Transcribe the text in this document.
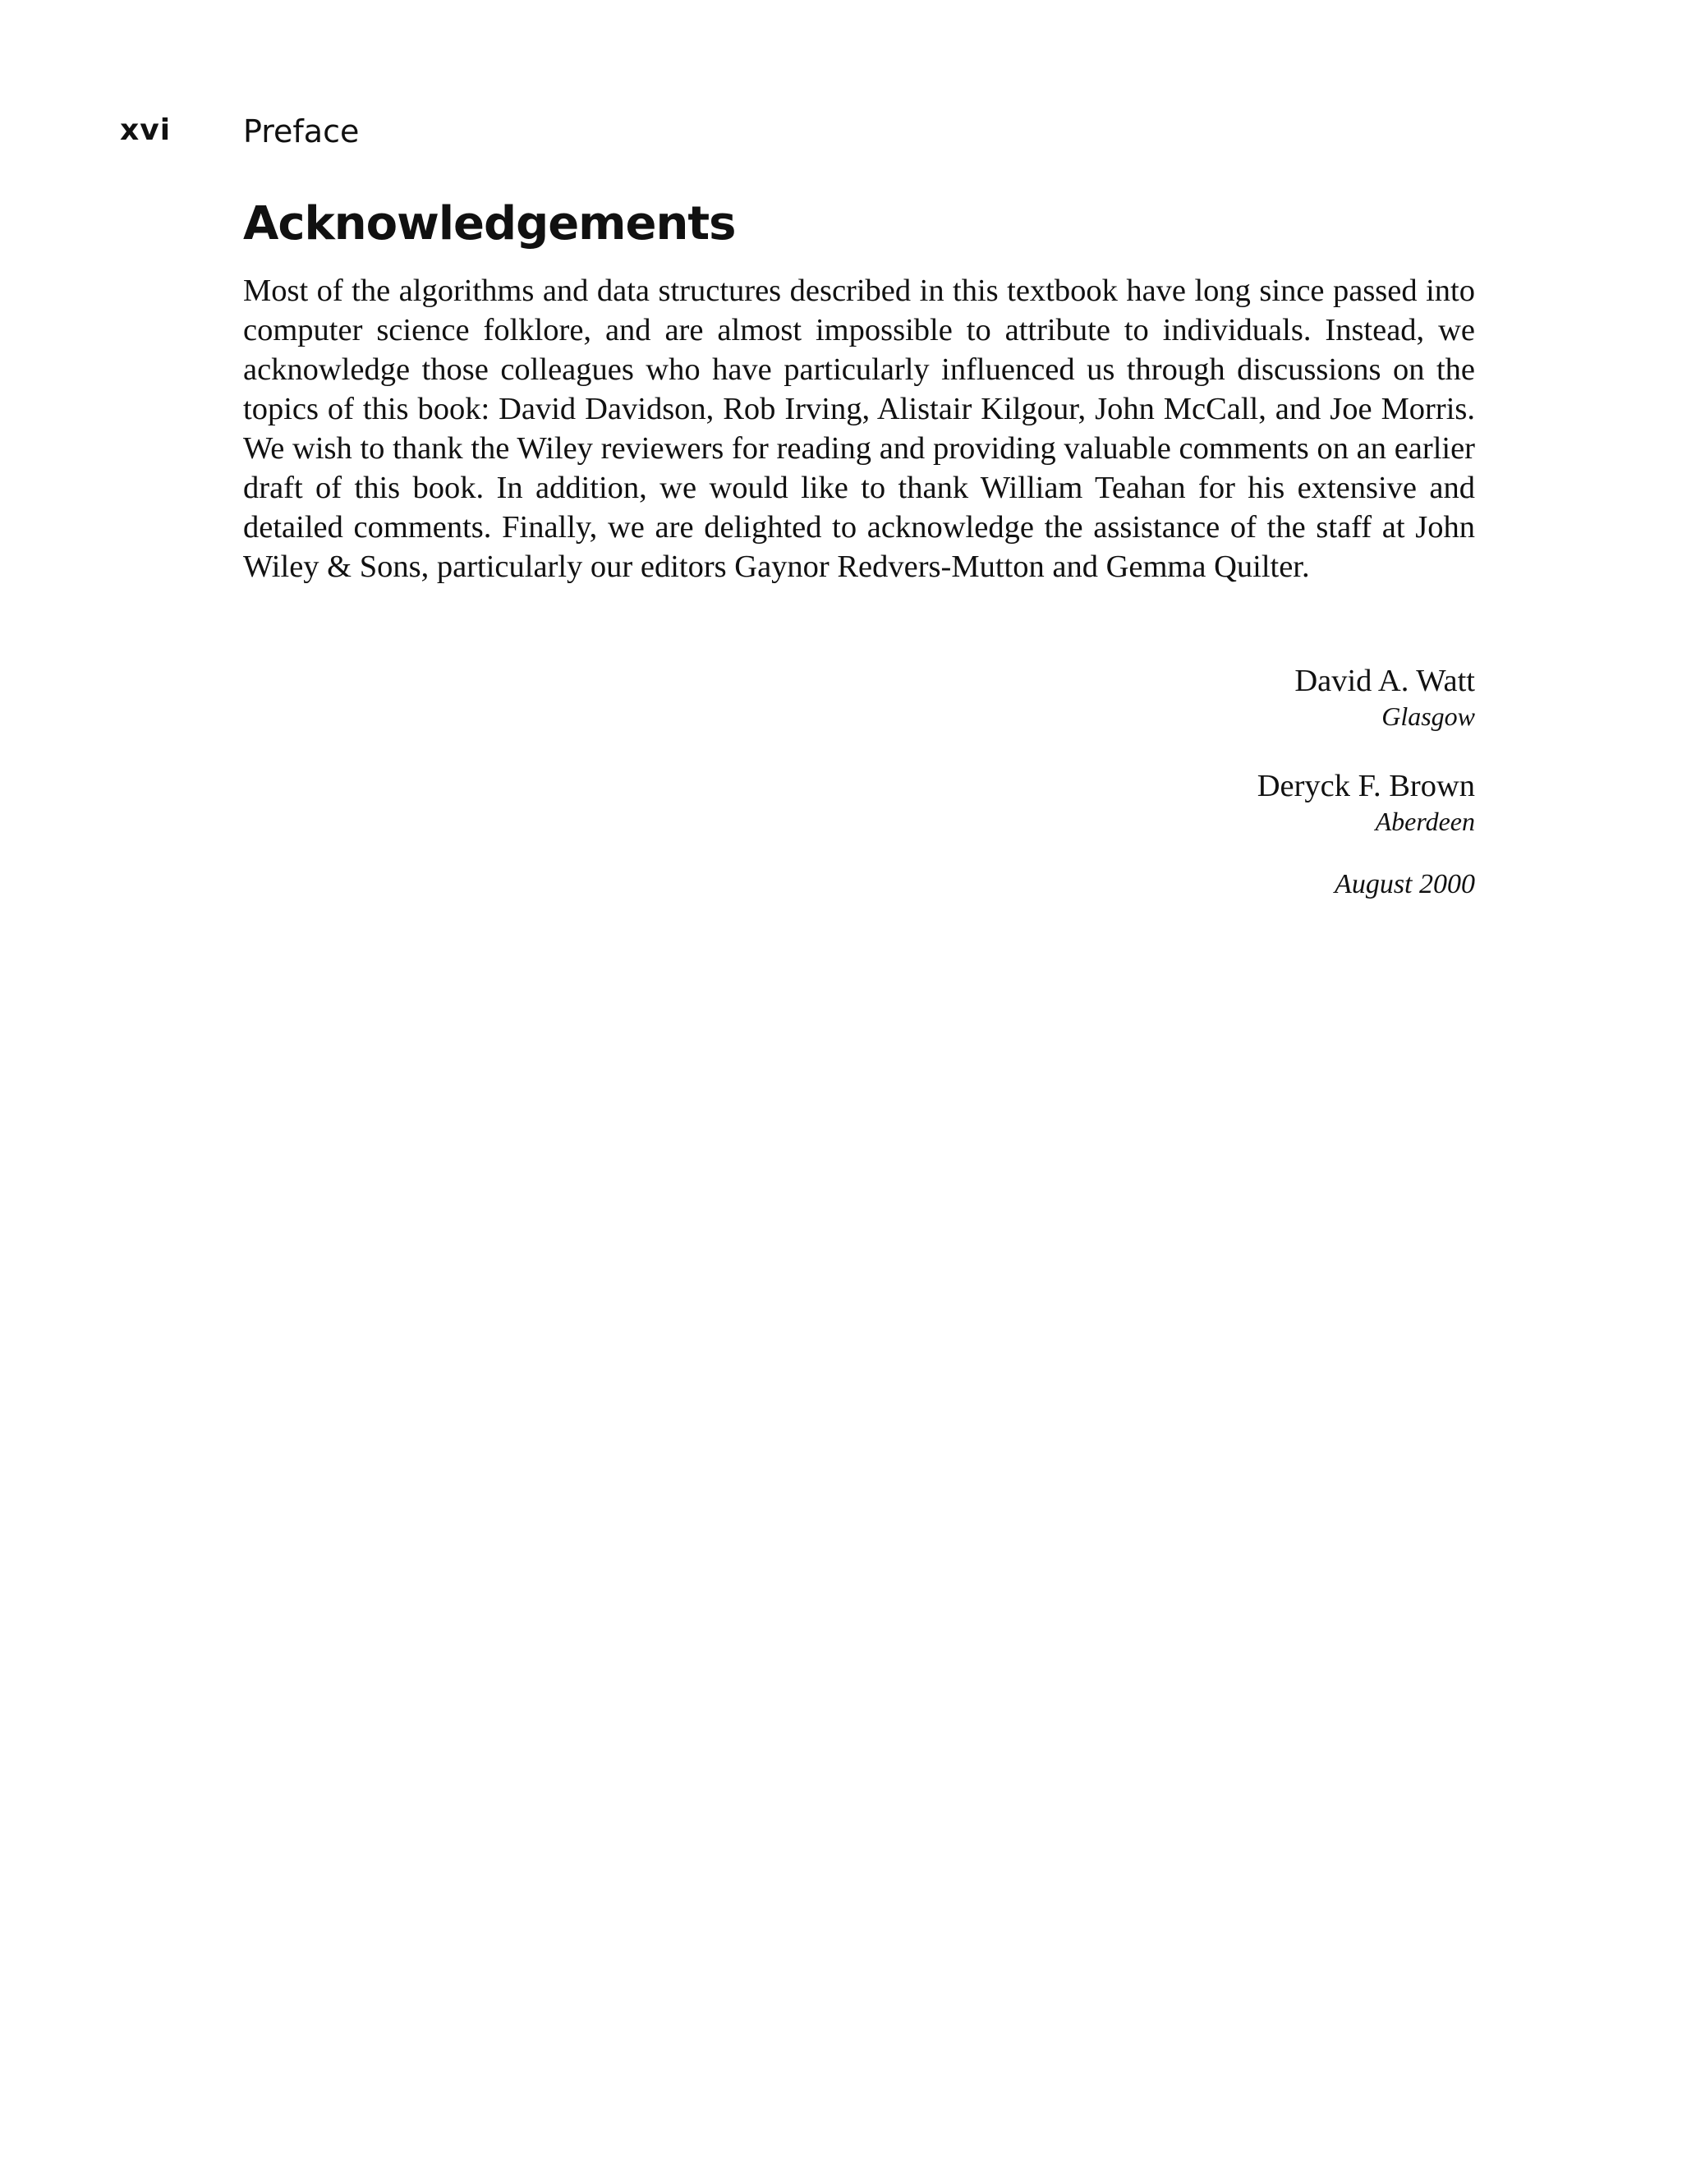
xvi Preface
Acknowledgements

Most of the algorithms and data structures described in this textbook have long since passed into computer science folklore, and are almost impossible to attribute to individuals. Instead, we acknowledge those colleagues who have particularly influenced us through discussions on the topics of this book: David Davidson, Rob Irving, Alistair Kilgour, John McCall, and Joe Morris. We wish to thank the Wiley reviewers for reading and providing valuable comments on an earlier draft of this book. In addition, we would like to thank William Teahan for his extensive and detailed comments. Finally, we are delighted to acknowledge the assistance of the staff at John Wiley & Sons, particularly our editors Gaynor Redvers-Mutton and Gemma Quilter.

David A. Watt
Glasgow
Deryck F. Brown
Aberdeen
August 2000
